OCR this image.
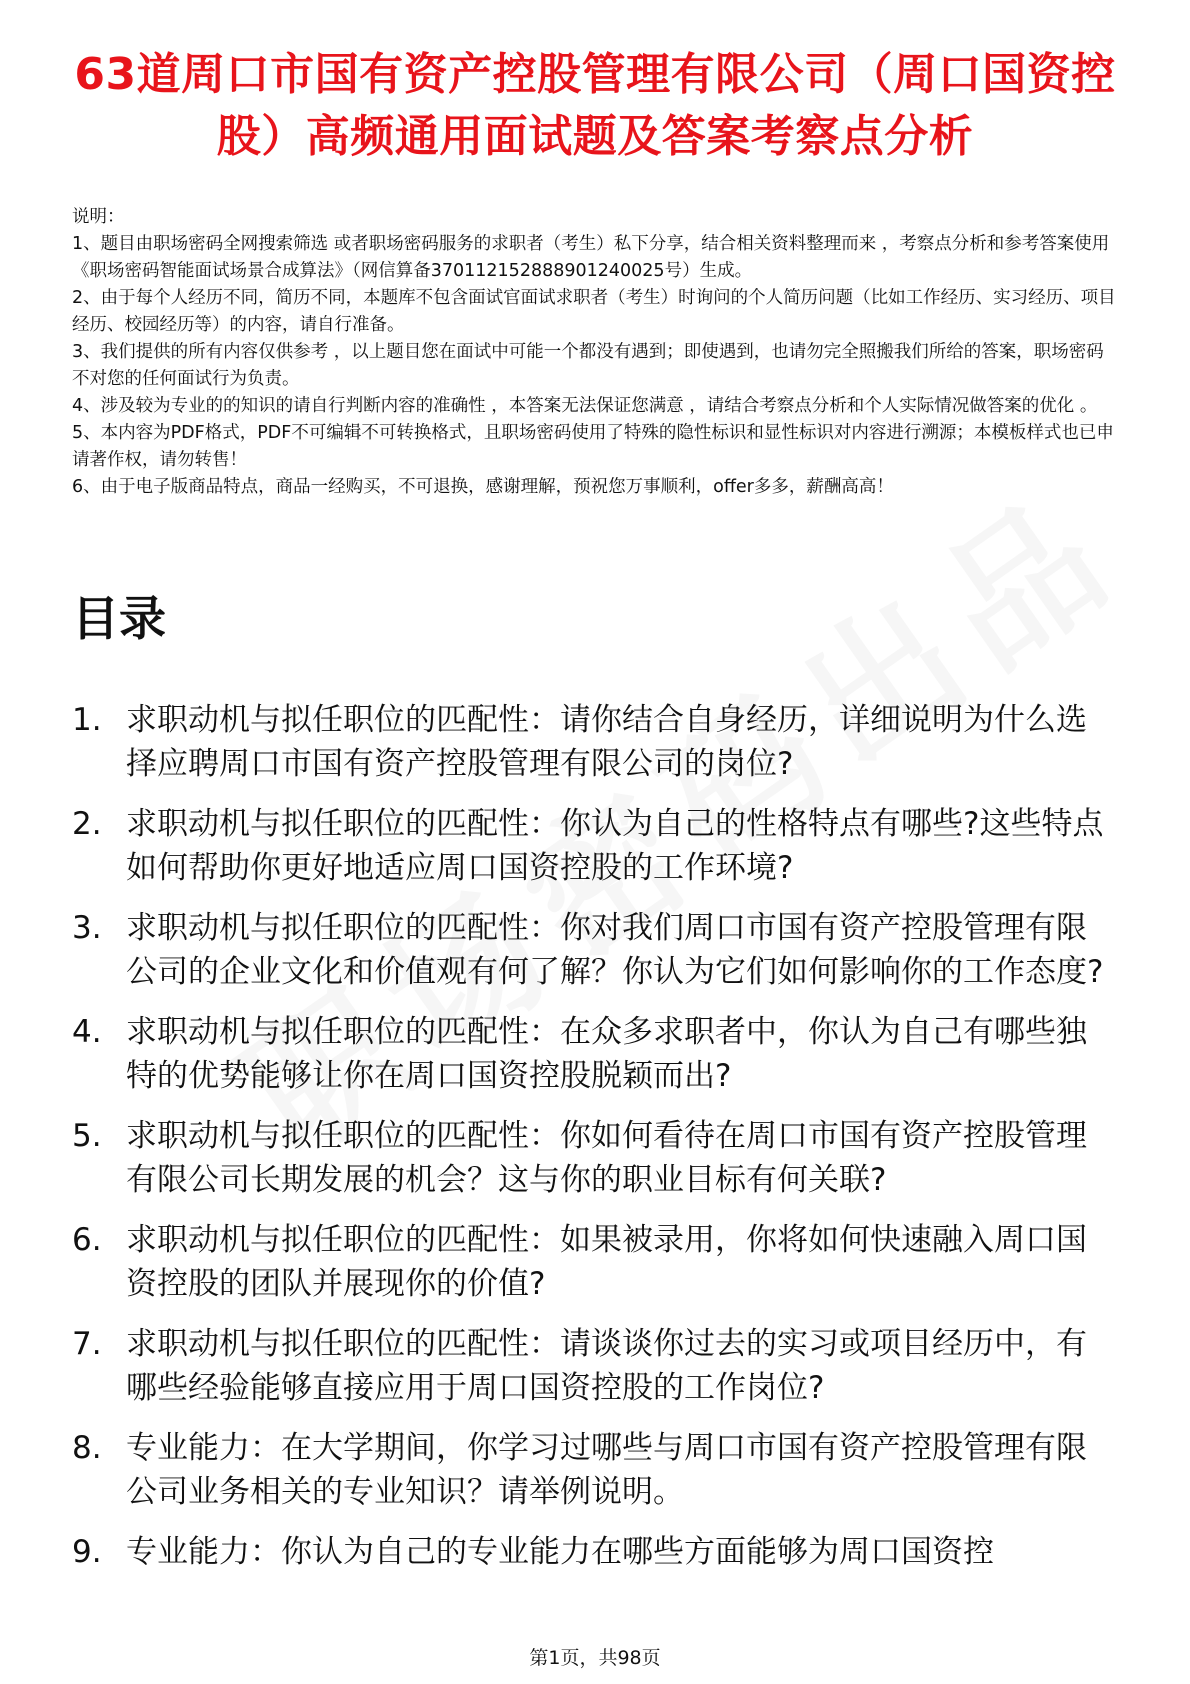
63道周口市国有资产控股管理有限公司（周口国资控股）高频通用面试题及答案考察点分析

说明：

1、题目由职场密码全网搜索筛选 或者职场密码服务的求职者（考生）私下分享，结合相关资料整理而来 ，考察点分析和参考答案使用《职场密码智能面试场景合成算法》（网信算备370112152888901240025号）生成。

2、由于每个人经历不同，简历不同，本题库不包含面试官面试求职者（考生）时询问的个人简历问题（比如工作经历、实习经历、项目经历、校园经历等）的内容，请自行准备。

3、我们提供的所有内容仅供参考 ，以上题目您在面试中可能一个都没有遇到；即使遇到，也请勿完全照搬我们所给的答案，职场密码不对您的任何面试行为负责。

4、涉及较为专业的的知识的请自行判断内容的准确性 ，本答案无法保证您满意 ，请结合考察点分析和个人实际情况做答案的优化 。

5、本内容为PDF格式，PDF不可编辑不可转换格式，且职场密码使用了特殊的隐性标识和显性标识对内容进行溯源；本模板样式也已申请著作权，请勿转售！

6、由于电子版商品特点，商品一经购买，不可退换，感谢理解，预祝您万事顺利，offer多多，薪酬高高！

目录
1. 求职动机与拟任职位的匹配性：请你结合自身经历，详细说明为什么选择应聘周口市国有资产控股管理有限公司的岗位?
2. 求职动机与拟任职位的匹配性：你认为自己的性格特点有哪些?这些特点如何帮助你更好地适应周口国资控股的工作环境?
3. 求职动机与拟任职位的匹配性：你对我们周口市国有资产控股管理有限公司的企业文化和价值观有何了解？你认为它们如何影响你的工作态度?
4. 求职动机与拟任职位的匹配性：在众多求职者中，你认为自己有哪些独特的优势能够让你在周口国资控股脱颖而出?
5. 求职动机与拟任职位的匹配性：你如何看待在周口市国有资产控股管理有限公司长期发展的机会？这与你的职业目标有何关联?
6. 求职动机与拟任职位的匹配性：如果被录用，你将如何快速融入周口国资控股的团队并展现你的价值?
7. 求职动机与拟任职位的匹配性：请谈谈你过去的实习或项目经历中，有哪些经验能够直接应用于周口国资控股的工作岗位?
8. 专业能力：在大学期间，你学习过哪些与周口市国有资产控股管理有限公司业务相关的专业知识？请举例说明。
9. 专业能力：你认为自己的专业能力在哪些方面能够为周口国资控
第1页，共98页
